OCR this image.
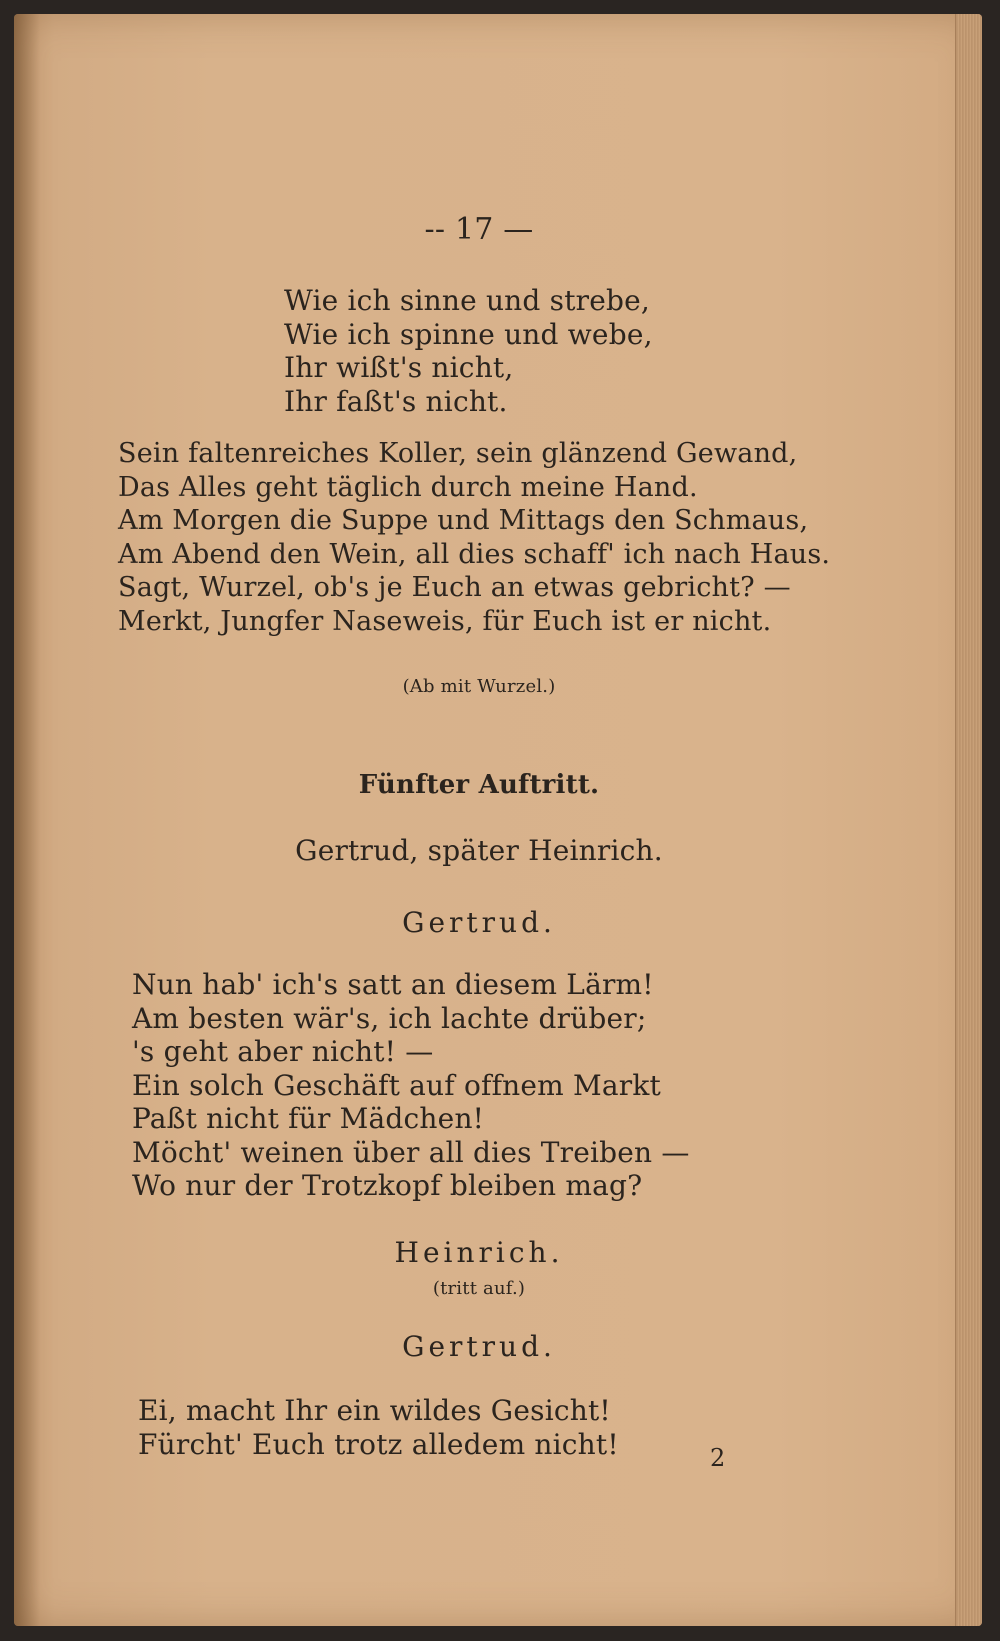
-- 17 —
Wie ich sinne und strebe,
Wie ich spinne und webe,
Ihr wißt's nicht,
Ihr faßt's nicht.
Sein faltenreiches Koller, sein glänzend Gewand,
Das Alles geht täglich durch meine Hand.
Am Morgen die Suppe und Mittags den Schmaus,
Am Abend den Wein, all dies schaff' ich nach Haus.
Sagt, Wurzel, ob's je Euch an etwas gebricht? —
Merkt, Jungfer Naseweis, für Euch ist er nicht.
(Ab mit Wurzel.)
Fünfter Auftritt.
Gertrud, später Heinrich.
Gertrud.
Nun hab' ich's satt an diesem Lärm!
Am besten wär's, ich lachte drüber;
's geht aber nicht! —
Ein solch Geschäft auf offnem Markt
Paßt nicht für Mädchen!
Möcht' weinen über all dies Treiben —
Wo nur der Trotzkopf bleiben mag?
Heinrich.
(tritt auf.)
Gertrud.
Ei, macht Ihr ein wildes Gesicht!
Fürcht' Euch trotz alledem nicht!	2
